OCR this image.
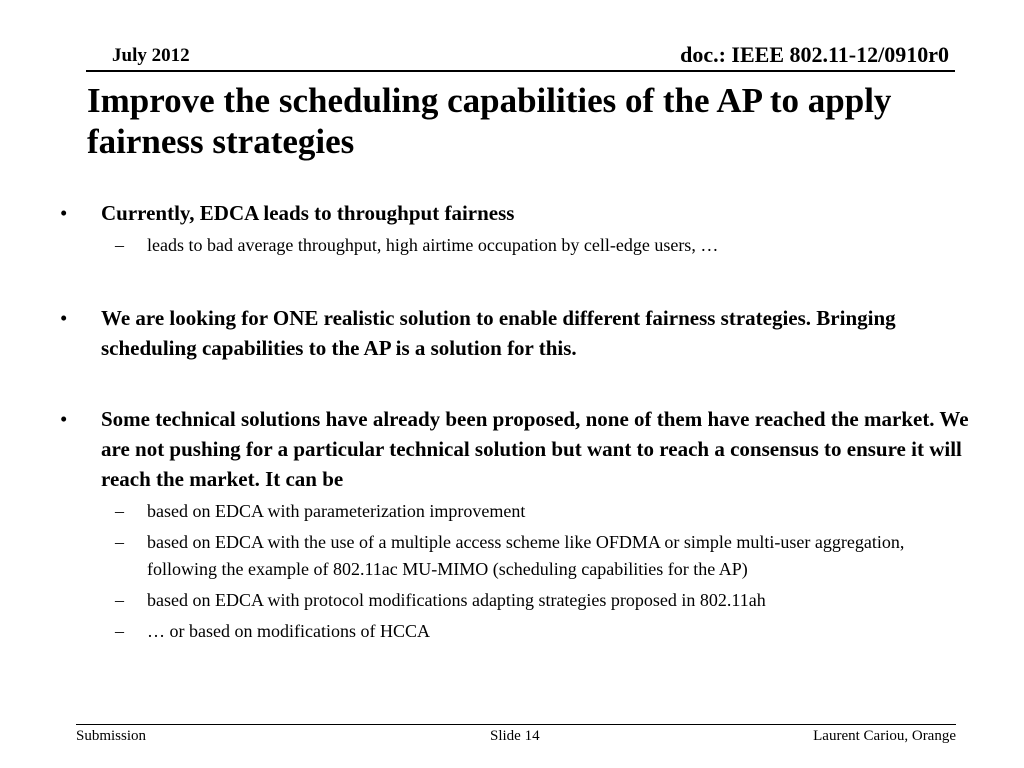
July 2012	doc.: IEEE 802.11-12/0910r0
Improve the scheduling capabilities of the AP to apply fairness strategies
• Currently, EDCA leads to throughput fairness
– leads to bad average throughput, high airtime occupation by cell-edge users, …
• We are looking for ONE realistic solution to enable different fairness strategies. Bringing scheduling capabilities to the AP is a solution for this.
• Some technical solutions have already been proposed, none of them have reached the market. We are not pushing for a particular technical solution but want to reach a consensus to ensure it will reach the market. It can be
– based on EDCA with parameterization improvement
– based on EDCA with the use of a multiple access scheme like OFDMA or simple multi-user aggregation, following the example of 802.11ac MU-MIMO (scheduling capabilities for the AP)
– based on EDCA with protocol modifications adapting strategies proposed in 802.11ah
– … or based on modifications of HCCA
Submission	Slide 14	Laurent Cariou, Orange
